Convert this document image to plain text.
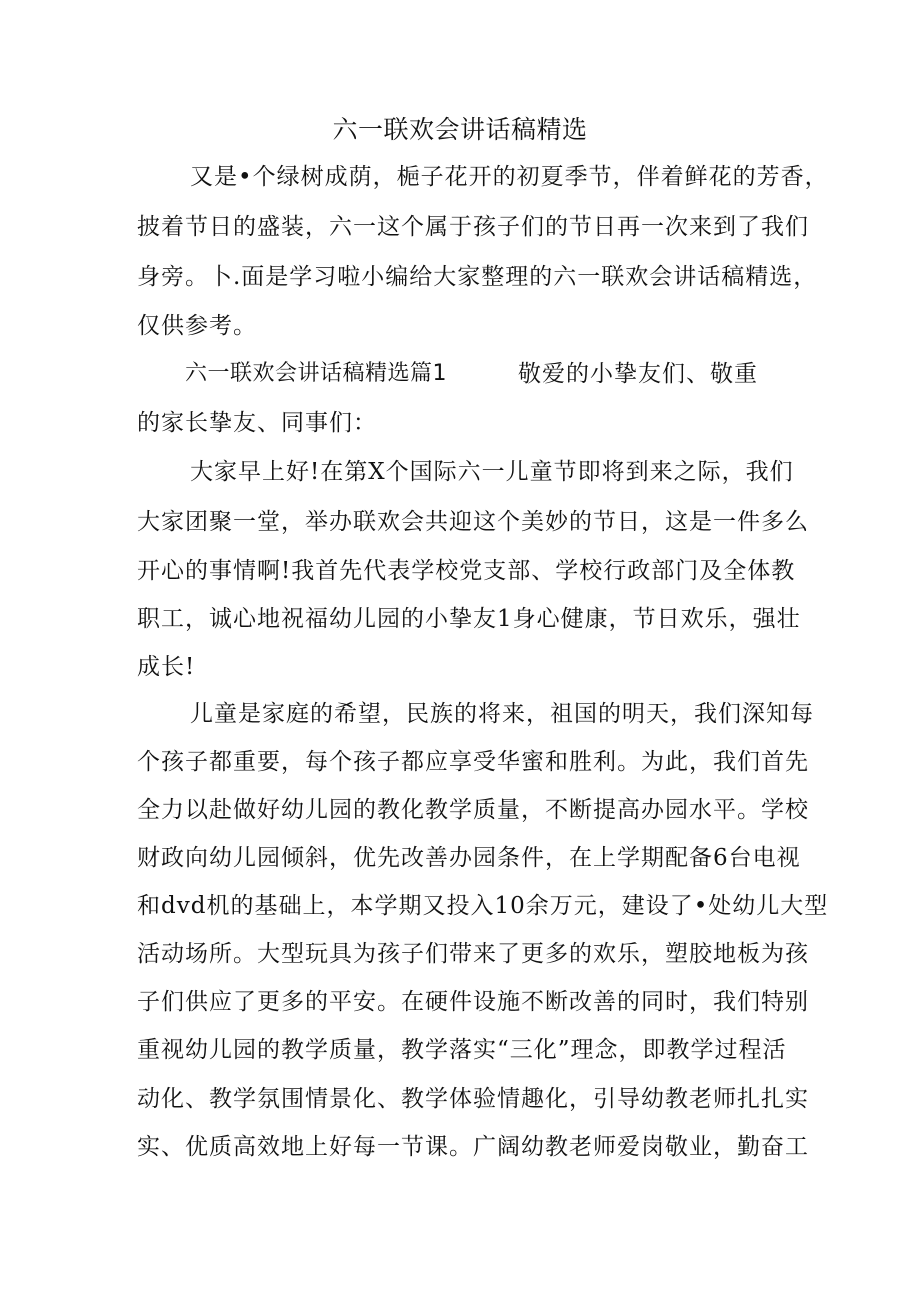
六一联欢会讲话稿精选

又是•个绿树成荫，梔子花开的初夏季节，伴着鲜花的芳香，

披着节日的盛装，六一这个属于孩子们的节日再一次来到了我们

身旁。卜.面是学习啦小编给大家整理的六一联欢会讲话稿精选，

仅供参考。

六一联欢会讲话稿精选篇1	敬爱的小挚友们、敬重

的家长挚友、同事们：

大家早上好!在第X个国际六一儿童节即将到来之际，我们

大家团聚一堂，举办联欢会共迎这个美妙的节日，这是一件多么

开心的事情啊!我首先代表学校党支部、学校行政部门及全体教

职工，诚心地祝福幼儿园的小挚友1身心健康，节日欢乐，强壮

成长!

儿童是家庭的希望，民族的将来，祖国的明天，我们深知每

个孩子都重要，每个孩子都应享受华蜜和胜利。为此，我们首先

全力以赴做好幼儿园的教化教学质量，不断提高办园水平。学校

财政向幼儿园倾斜，优先改善办园条件，在上学期配备6台电视

和dvd机的基础上，本学期又投入10余万元，建设了•处幼儿大型

活动场所。大型玩具为孩子们带来了更多的欢乐，塑胶地板为孩

子们供应了更多的平安。在硬件设施不断改善的同时，我们特别

重视幼儿园的教学质量，教学落实“三化”理念，即教学过程活

动化、教学氛围情景化、教学体验情趣化，引导幼教老师扎扎实

实、优质高效地上好每一节课。广阔幼教老师爱岗敬业，勤奋工
